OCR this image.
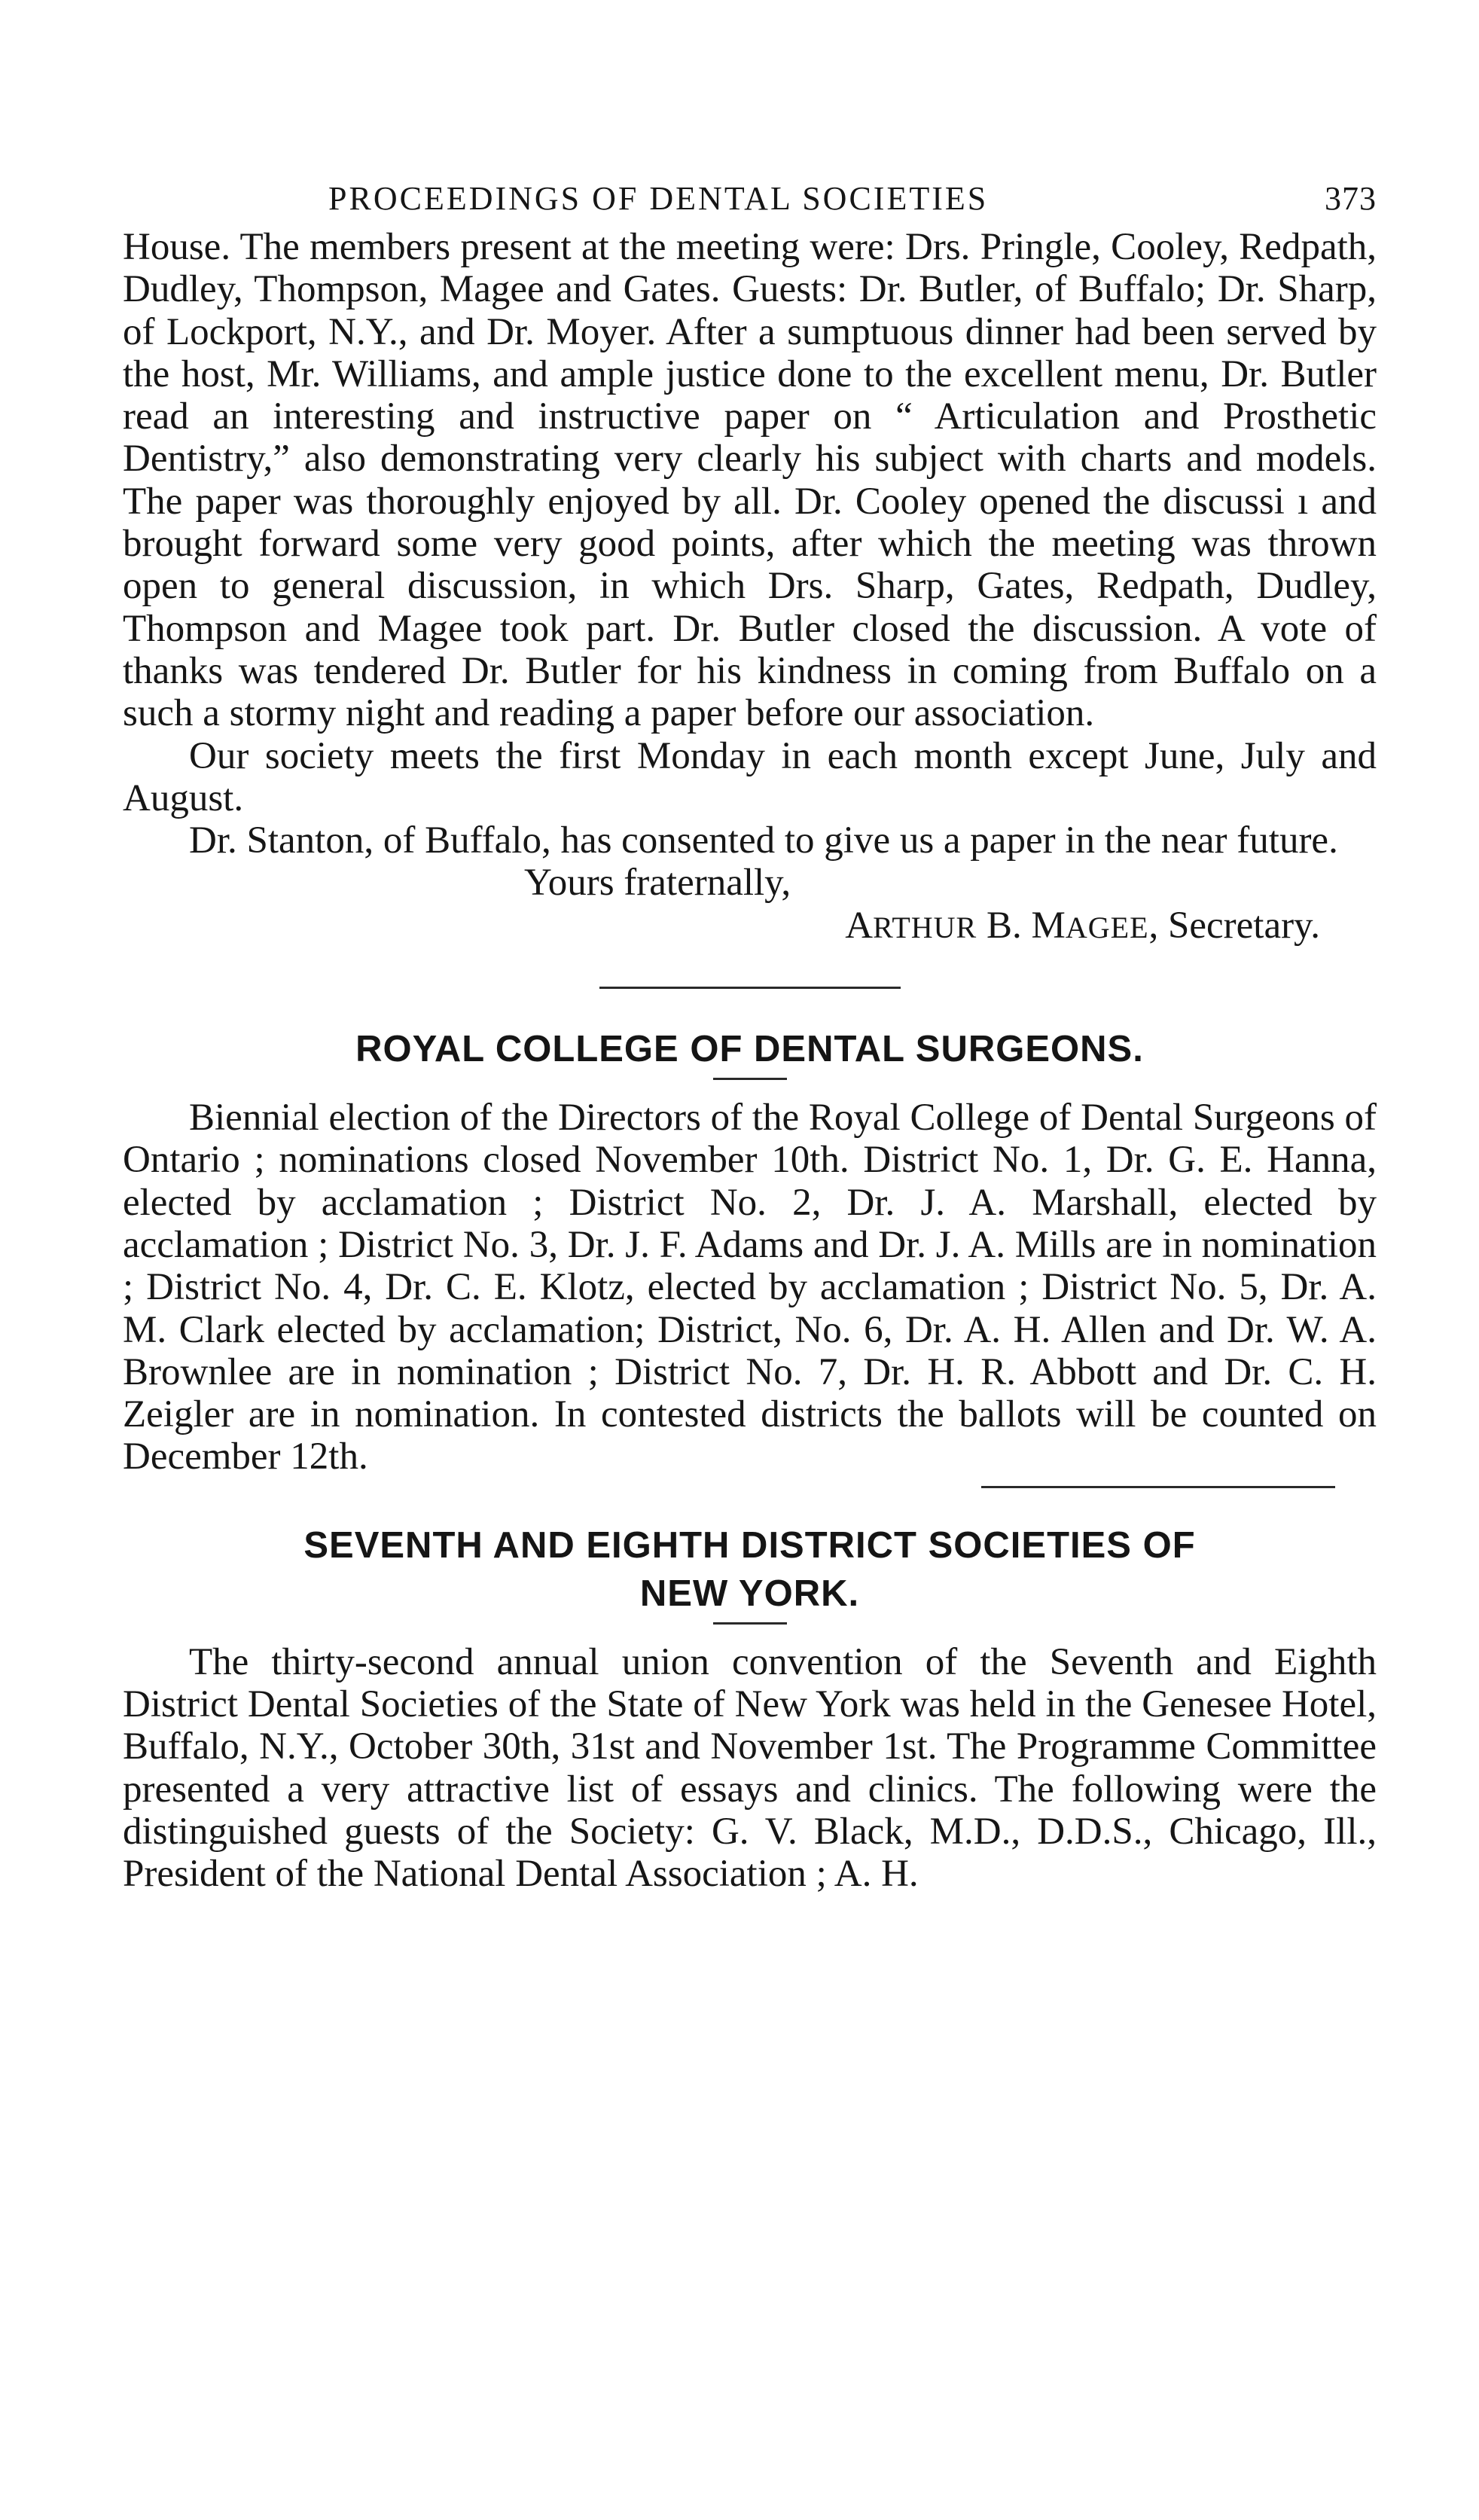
PROCEEDINGS OF DENTAL SOCIETIES	373

House. The members present at the meeting were: Drs. Pringle, Cooley, Redpath, Dudley, Thompson, Magee and Gates. Guests: Dr. Butler, of Buffalo; Dr. Sharp, of Lockport, N.Y., and Dr. Moyer. After a sumptuous dinner had been served by the host, Mr. Williams, and ample justice done to the excellent menu, Dr. Butler read an interesting and instructive paper on “ Articulation and Prosthetic Dentistry,” also demonstrating very clearly his subject with charts and models. The paper was thoroughly enjoyed by all. Dr. Cooley opened the discussi ı and brought forward some very good points, after which the meeting was thrown open to general discussion, in which Drs. Sharp, Gates, Redpath, Dudley, Thompson and Magee took part. Dr. Butler closed the discussion. A vote of thanks was tendered Dr. Butler for his kindness in coming from Buffalo on a such a stormy night and reading a paper before our association.

Our society meets the first Monday in each month except June, July and August.

Dr. Stanton, of Buffalo, has consented to give us a paper in the near future.

Yours fraternally,
ARTHUR B. MAGEE, Secretary.
ROYAL COLLEGE OF DENTAL SURGEONS.

Biennial election of the Directors of the Royal College of Dental Surgeons of Ontario ; nominations closed November 10th. District No. 1, Dr. G. E. Hanna, elected by acclamation ; District No. 2, Dr. J. A. Marshall, elected by acclamation ; District No. 3, Dr. J. F. Adams and Dr. J. A. Mills are in nomination ; District No. 4, Dr. C. E. Klotz, elected by acclamation ; District No. 5, Dr. A. M. Clark elected by acclamation; District, No. 6, Dr. A. H. Allen and Dr. W. A. Brownlee are in nomination ; District No. 7, Dr. H. R. Abbott and Dr. C. H. Zeigler are in nomination. In contested districts the ballots will be counted on December 12th.

SEVENTH AND EIGHTH DISTRICT SOCIETIES OF
NEW YORK.

The thirty-second annual union convention of the Seventh and Eighth District Dental Societies of the State of New York was held in the Genesee Hotel, Buffalo, N.Y., October 30th, 31st and November 1st. The Programme Committee presented a very attractive list of essays and clinics. The following were the distinguished guests of the Society: G. V. Black, M.D., D.D.S., Chicago, Ill., President of the National Dental Association ; A. H.
